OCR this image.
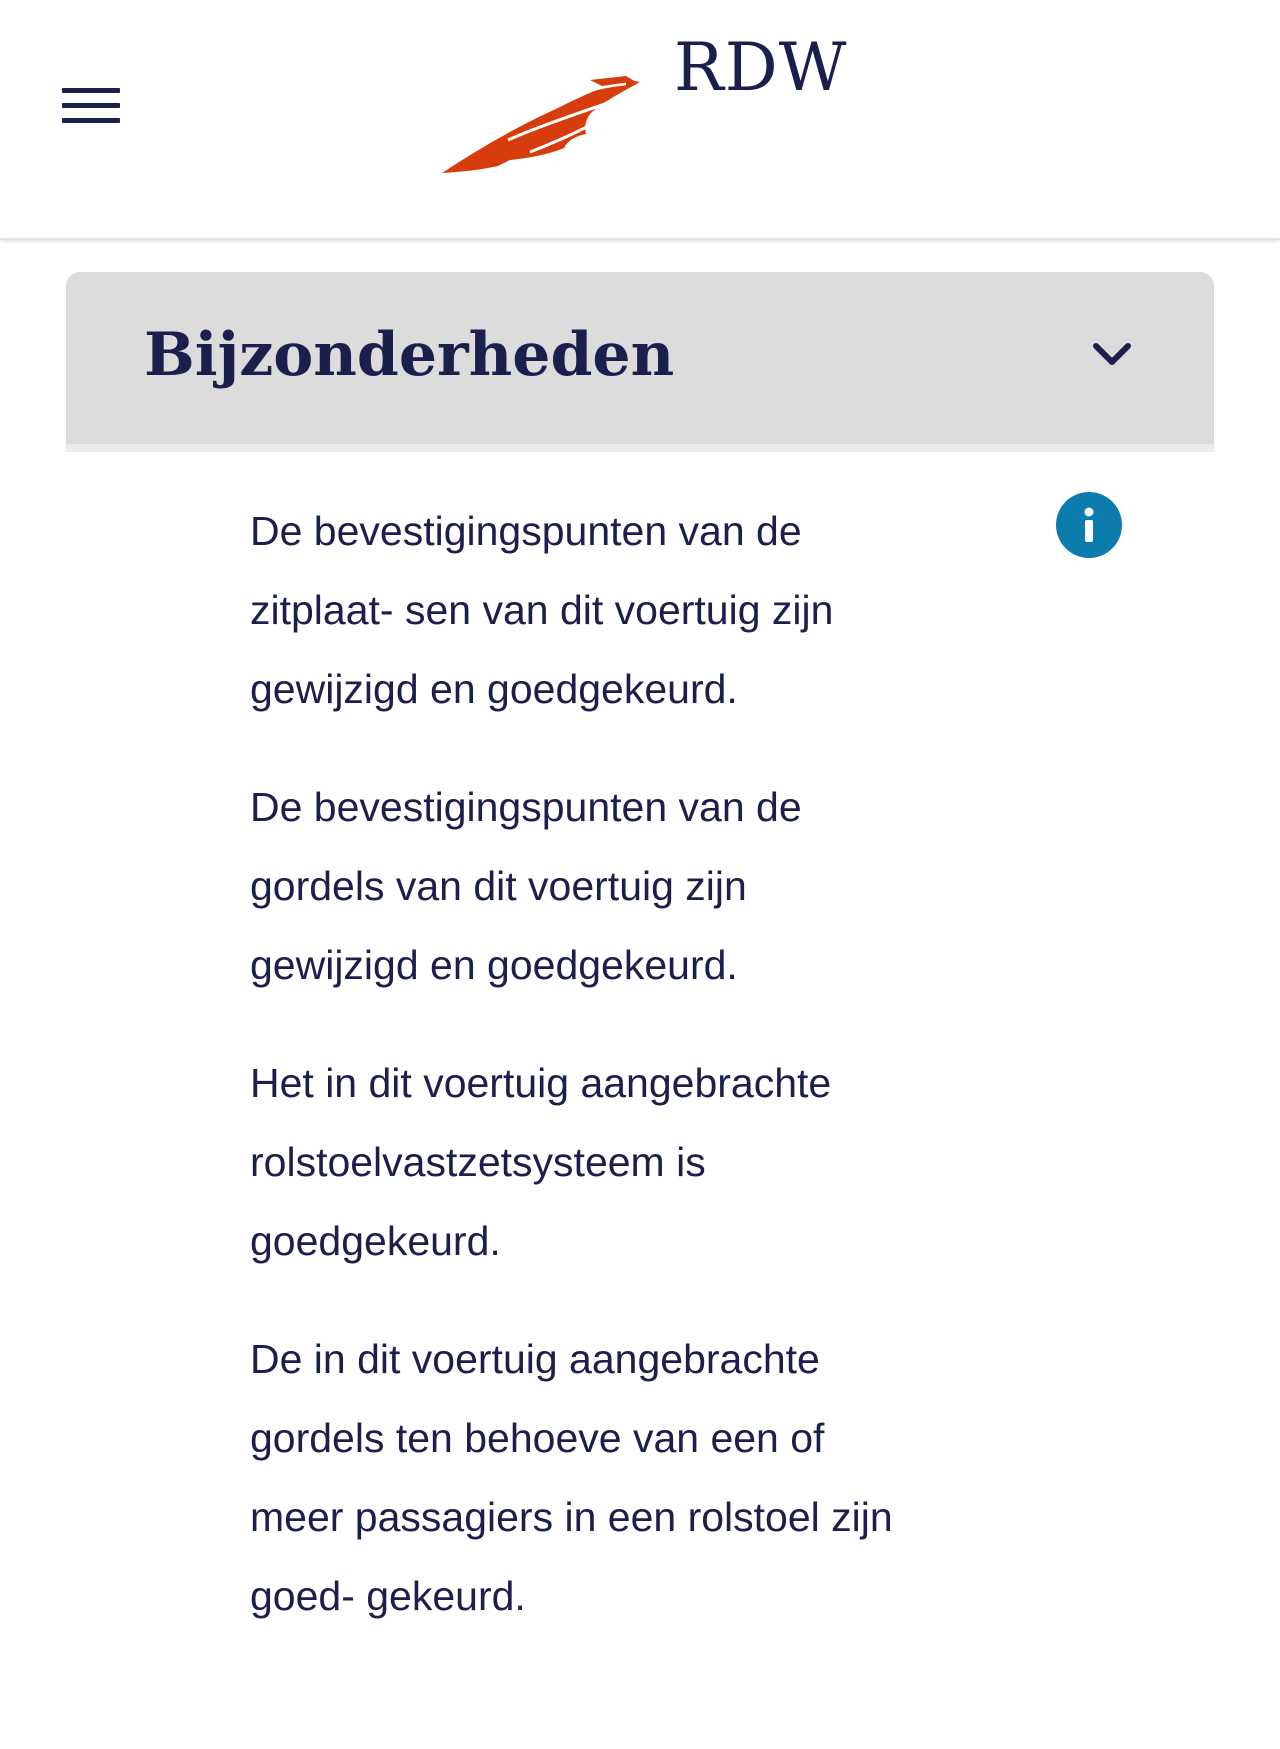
RDW
Bijzonderheden

De bevestigingspunten van de
zitplaat- sen van dit voertuig zijn
gewijzigd en goedgekeurd.

De bevestigingspunten van de
gordels van dit voertuig zijn
gewijzigd en goedgekeurd.

Het in dit voertuig aangebrachte
rolstoelvastzetsysteem is
goedgekeurd.

De in dit voertuig aangebrachte
gordels ten behoeve van een of
meer passagiers in een rolstoel zijn
goed- gekeurd.
